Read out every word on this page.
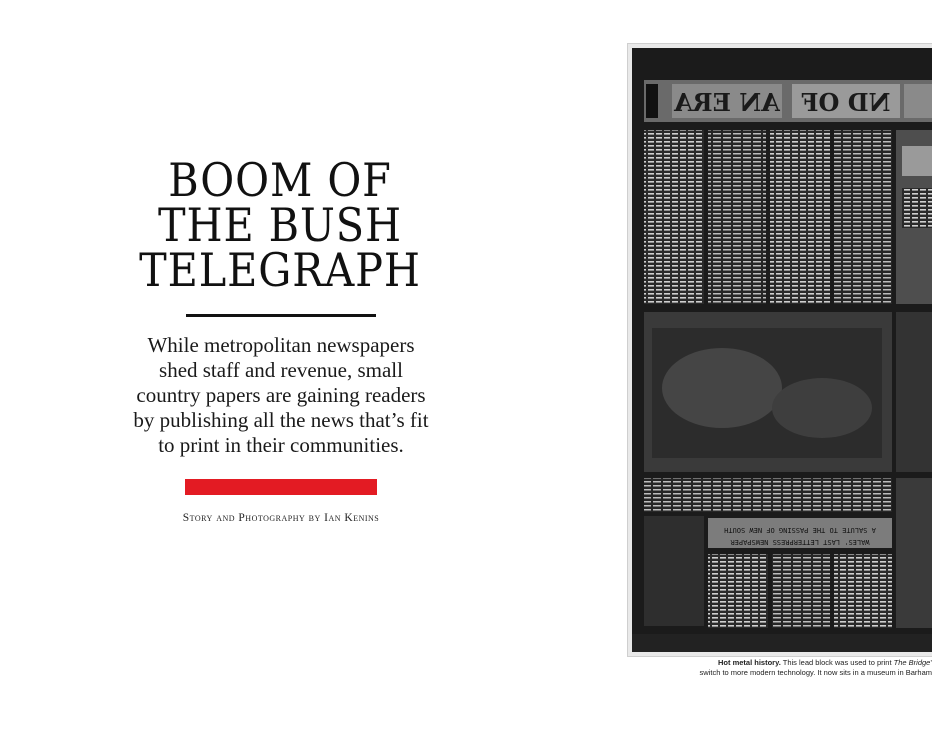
BOOM OF
THE BUSH
TELEGRAPH

While metropolitan newspapers shed staff and revenue, small country papers are gaining readers by publishing all the news that’s fit to print in their communities.

Story and Photography by Ian Kenins
AN ERA ND OF
A SALUTE TO THE PASSING OF NEW SOUTH
WALES' LAST LETTERPRESS NEWSPAPER
Hot metal history. This lead block was used to print The Bridge’
switch to more modern technology. It now sits in a museum in Barham
